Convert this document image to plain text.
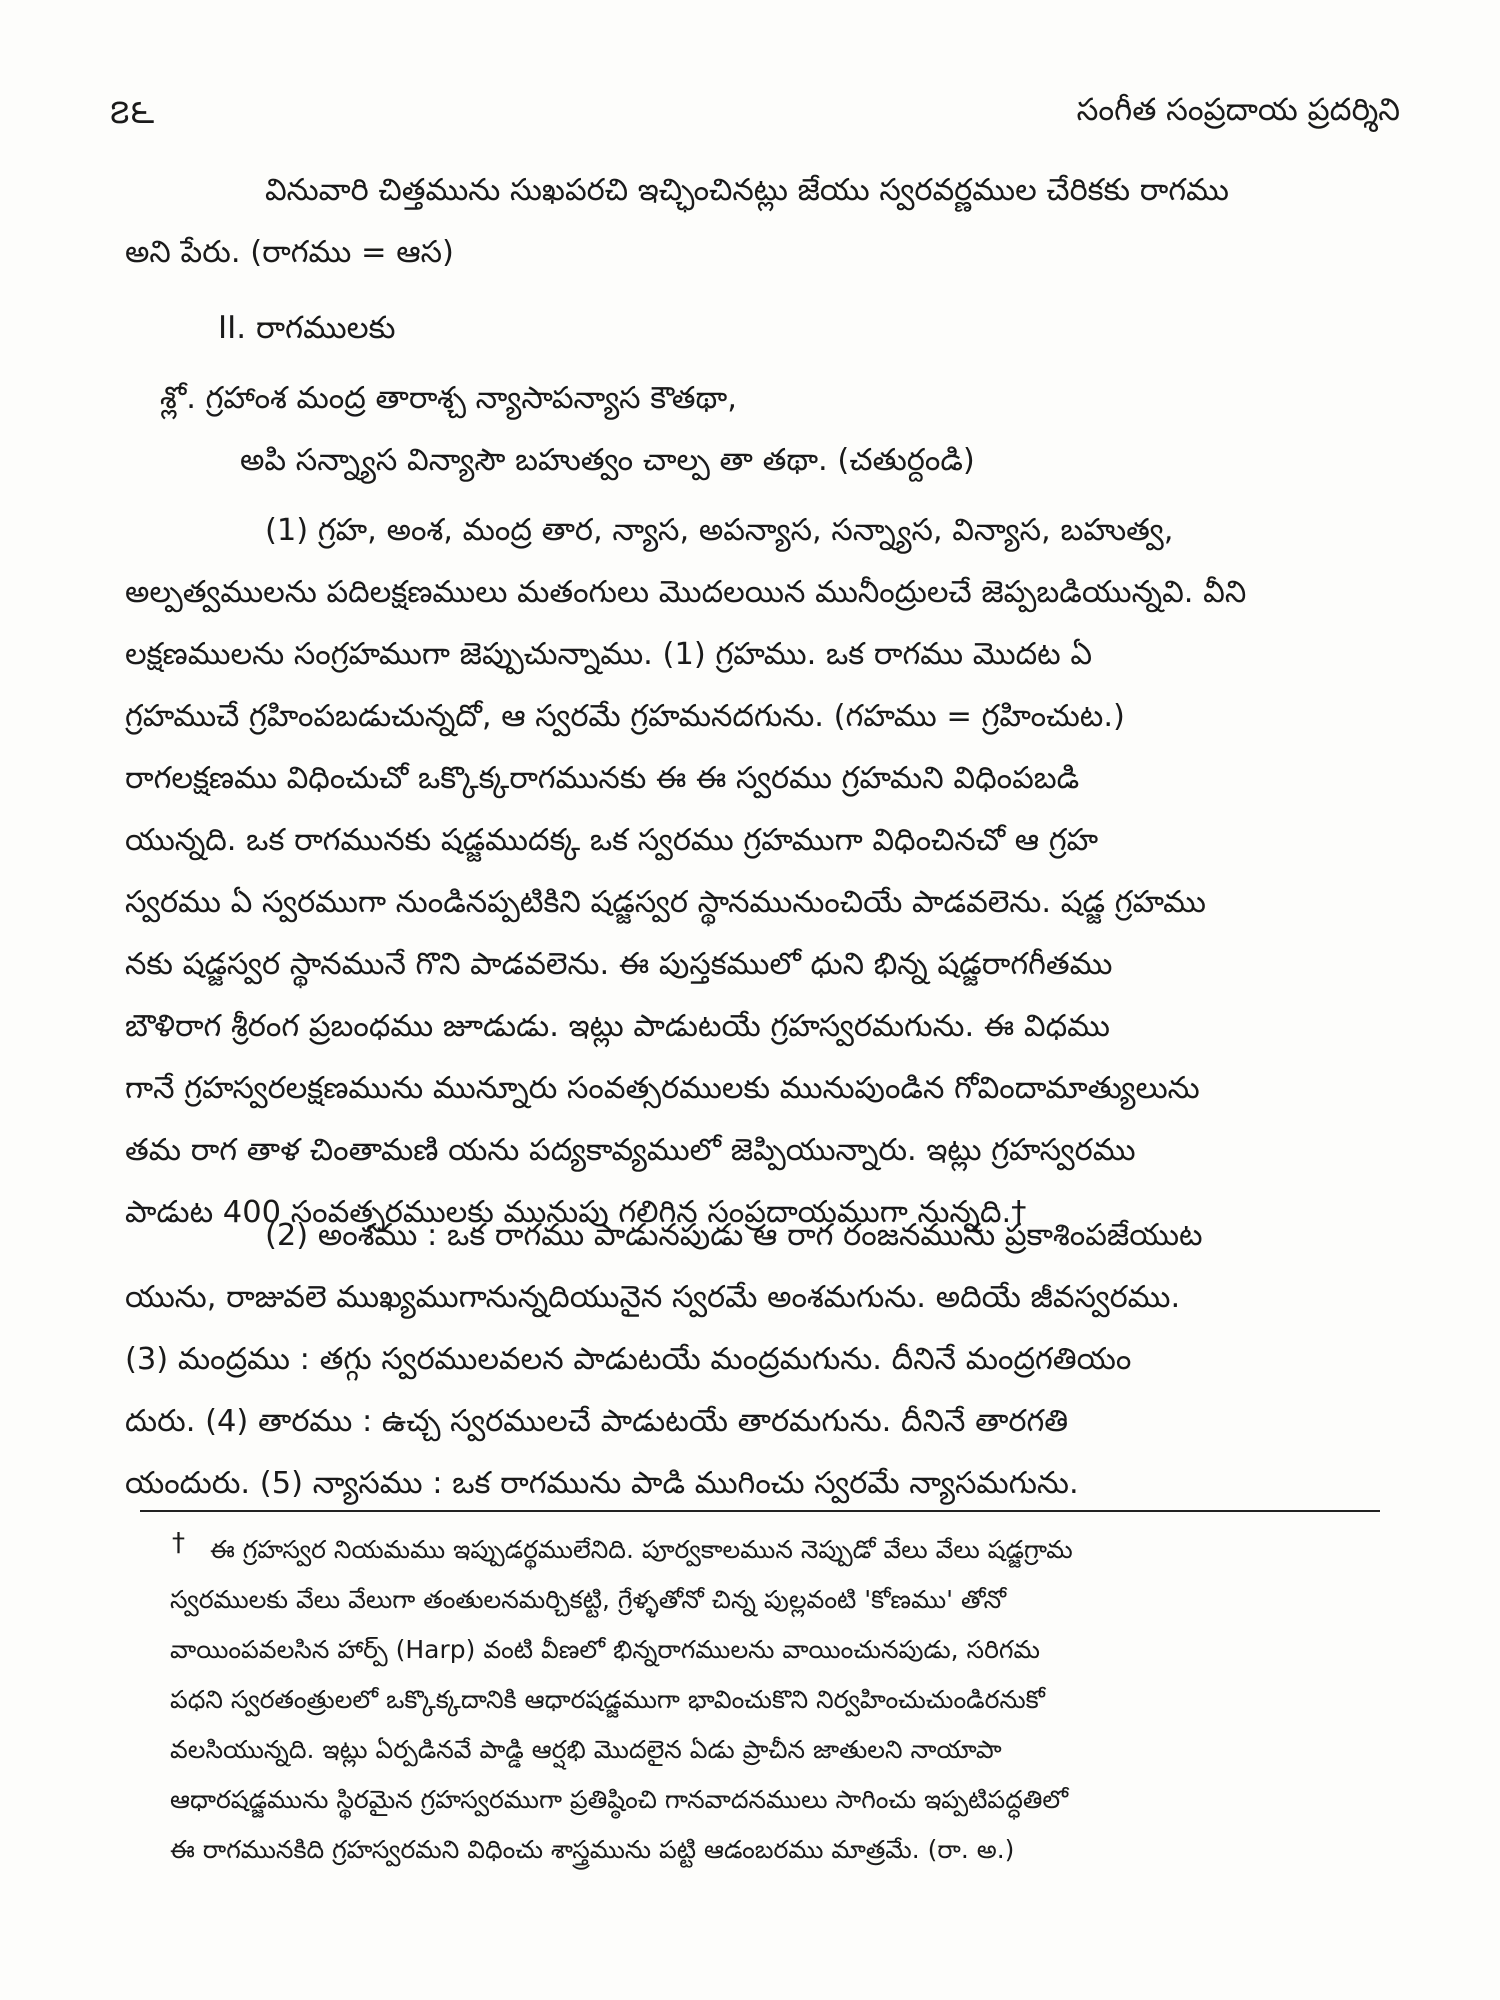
౭౬	సంగీత సంప్రదాయ ప్రదర్శిని
వినువారి చిత్తమును సుఖపరచి ఇచ్ఛించినట్లు జేయు స్వరవర్ణముల చేరికకు రాగము
అని పేరు. (రాగము = ఆస)
II. రాగములకు
శ్లో. గ్రహాంశ మంద్ర తారాశ్చ న్యాసాపన్యాస కౌతథా,
అపి సన్న్యాస విన్యాసౌ బహుత్వం చాల్ప తా తథా. (చతుర్దండి)
(1) గ్రహ, అంశ, మంద్ర తార, న్యాస, అపన్యాస, సన్న్యాస, విన్యాస, బహుత్వ,
అల్పత్వములను పదిలక్షణములు మతంగులు మొదలయిన మునీంద్రులచే జెప్పబడియున్నవి. వీని
లక్షణములను సంగ్రహముగా జెప్పుచున్నాము. (1) గ్రహము. ఒక రాగము మొదట ఏ
గ్రహముచే గ్రహింపబడుచున్నదో, ఆ స్వరమే గ్రహమనదగును. (గహము = గ్రహించుట.)
రాగలక్షణము విధించుచో ఒక్కొక్కరాగమునకు ఈ ఈ స్వరము గ్రహమని విధింపబడి
యున్నది. ఒక రాగమునకు షడ్జముదక్క ఒక స్వరము గ్రహముగా విధించినచో ఆ గ్రహ
స్వరము ఏ స్వరముగా నుండినప్పటికిని షడ్జస్వర స్థానమునుంచియే పాడవలెను. షడ్జ గ్రహము
నకు షడ్జస్వర స్థానమునే గొని పాడవలెను. ఈ పుస్తకములో ధుని భిన్న షడ్జరాగగీతము
బౌళిరాగ శ్రీరంగ ప్రబంధము జూడుడు. ఇట్లు పాడుటయే గ్రహస్వరమగును. ఈ విధము
గానే గ్రహస్వరలక్షణమును మున్నూరు సంవత్సరములకు మునుపుండిన గోవిందామాత్యులును
తమ రాగ తాళ చింతామణి యను పద్యకావ్యములో జెప్పియున్నారు. ఇట్లు గ్రహస్వరము
పాడుట 400 సంవత్సరములకు మునుపు గలిగిన సంప్రదాయముగా నున్నది.†
(2) అంశము : ఒక రాగము పాడునపుడు ఆ రాగ రంజనమును ప్రకాశింపజేయుట
యును, రాజువలె ముఖ్యముగానున్నదియునైన స్వరమే అంశమగును. అదియే జీవస్వరము.
(3) మంద్రము : తగ్గు స్వరములవలన పాడుటయే మంద్రమగును. దీనినే మంద్రగతియం
దురు. (4) తారము : ఉచ్చ స్వరములచే పాడుటయే తారమగును. దీనినే తారగతి
యందురు. (5) న్యాసము : ఒక రాగమును పాడి ముగించు స్వరమే న్యాసమగును.
†	ఈ గ్రహస్వర నియమము ఇప్పుడర్థములేనిది. పూర్వకాలమున నెప్పుడో వేలు వేలు షడ్జగ్రామ
స్వరములకు వేలు వేలుగా తంతులనమర్చికట్టి, గ్రేళ్ళతోనో చిన్న పుల్లవంటి 'కోణము' తోనో
వాయింపవలసిన హార్ప్ (Harp) వంటి వీణలో భిన్నరాగములను వాయించునపుడు, సరిగమ
పధని స్వరతంత్రులలో ఒక్కొక్కదానికి ఆధారషడ్జముగా భావించుకొని నిర్వహించుచుండిరనుకో
వలసియున్నది. ఇట్లు ఏర్పడినవే పాడ్డి ఆర్షభి మొదలైన ఏడు ప్రాచీన జాతులని నాయాపా
ఆధారషడ్జమును స్థిరమైన గ్రహస్వరముగా ప్రతిష్ఠించి గానవాదనములు సాగించు ఇప్పటిపద్ధతిలో
ఈ రాగమునకిది గ్రహస్వరమని విధించు శాస్త్రమును పట్టి ఆడంబరము మాత్రమే. (రా. అ.)
